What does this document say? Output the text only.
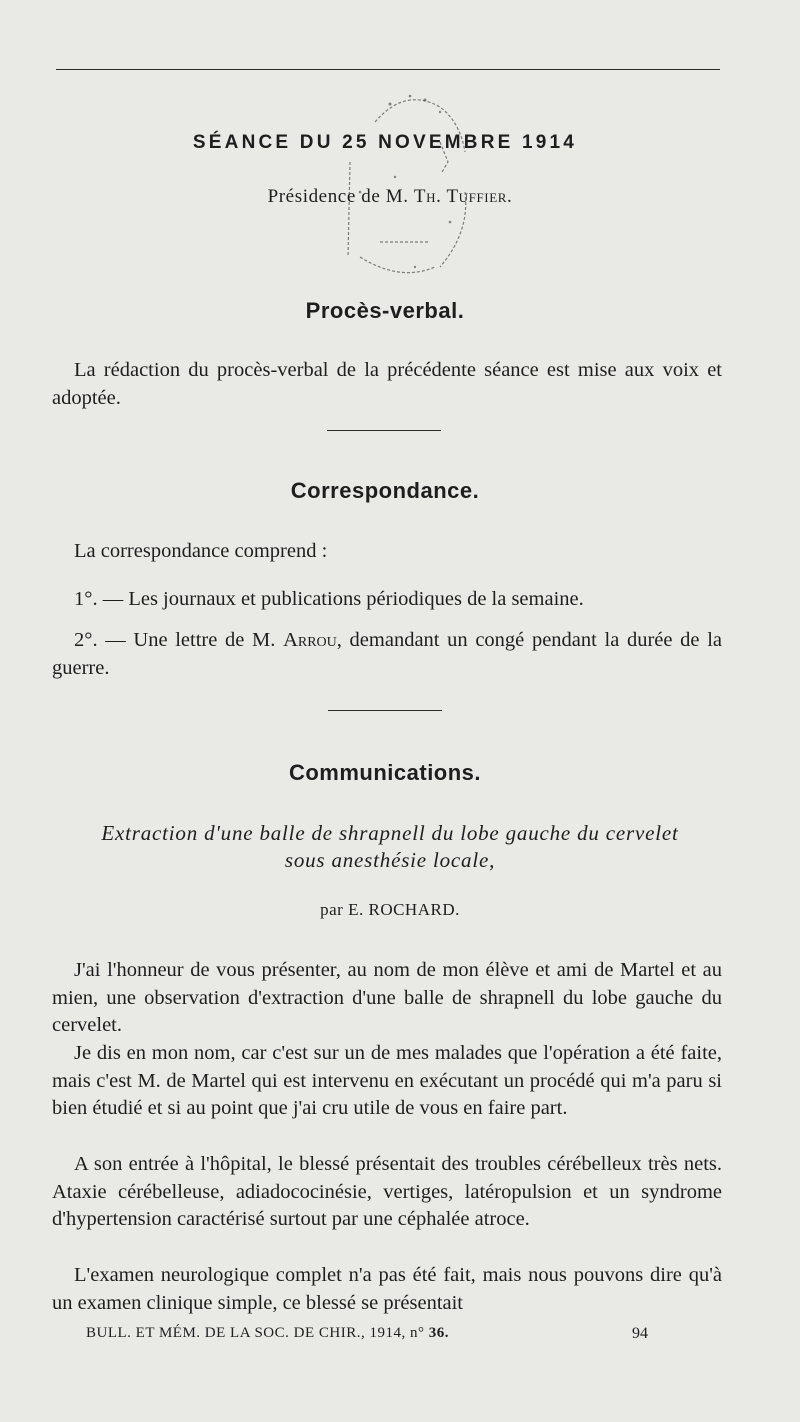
SÉANCE DU 25 NOVEMBRE 1914
Présidence de M. Th. Tuffier.
Procès-verbal.

La rédaction du procès-verbal de la précédente séance est mise aux voix et adoptée.

Correspondance.

La correspondance comprend :

1°. — Les journaux et publications périodiques de la semaine.

2°. — Une lettre de M. Arrou, demandant un congé pendant la durée de la guerre.

Communications.
Extraction d'une balle de shrapnell du lobe gauche du cervelet
sous anesthésie locale,
par E. ROCHARD.

J'ai l'honneur de vous présenter, au nom de mon élève et ami de Martel et au mien, une observation d'extraction d'une balle de shrapnell du lobe gauche du cervelet.

Je dis en mon nom, car c'est sur un de mes malades que l'opération a été faite, mais c'est M. de Martel qui est intervenu en exécutant un procédé qui m'a paru si bien étudié et si au point que j'ai cru utile de vous en faire part.

A son entrée à l'hôpital, le blessé présentait des troubles cérébelleux très nets. Ataxie cérébelleuse, adiadococinésie, vertiges, latéropulsion et un syndrome d'hypertension caractérisé surtout par une céphalée atroce.

L'examen neurologique complet n'a pas été fait, mais nous pouvons dire qu'à un examen clinique simple, ce blessé se présentait

BULL. ET MÉM. DE LA SOC. DE CHIR., 1914, n° 36.	94
